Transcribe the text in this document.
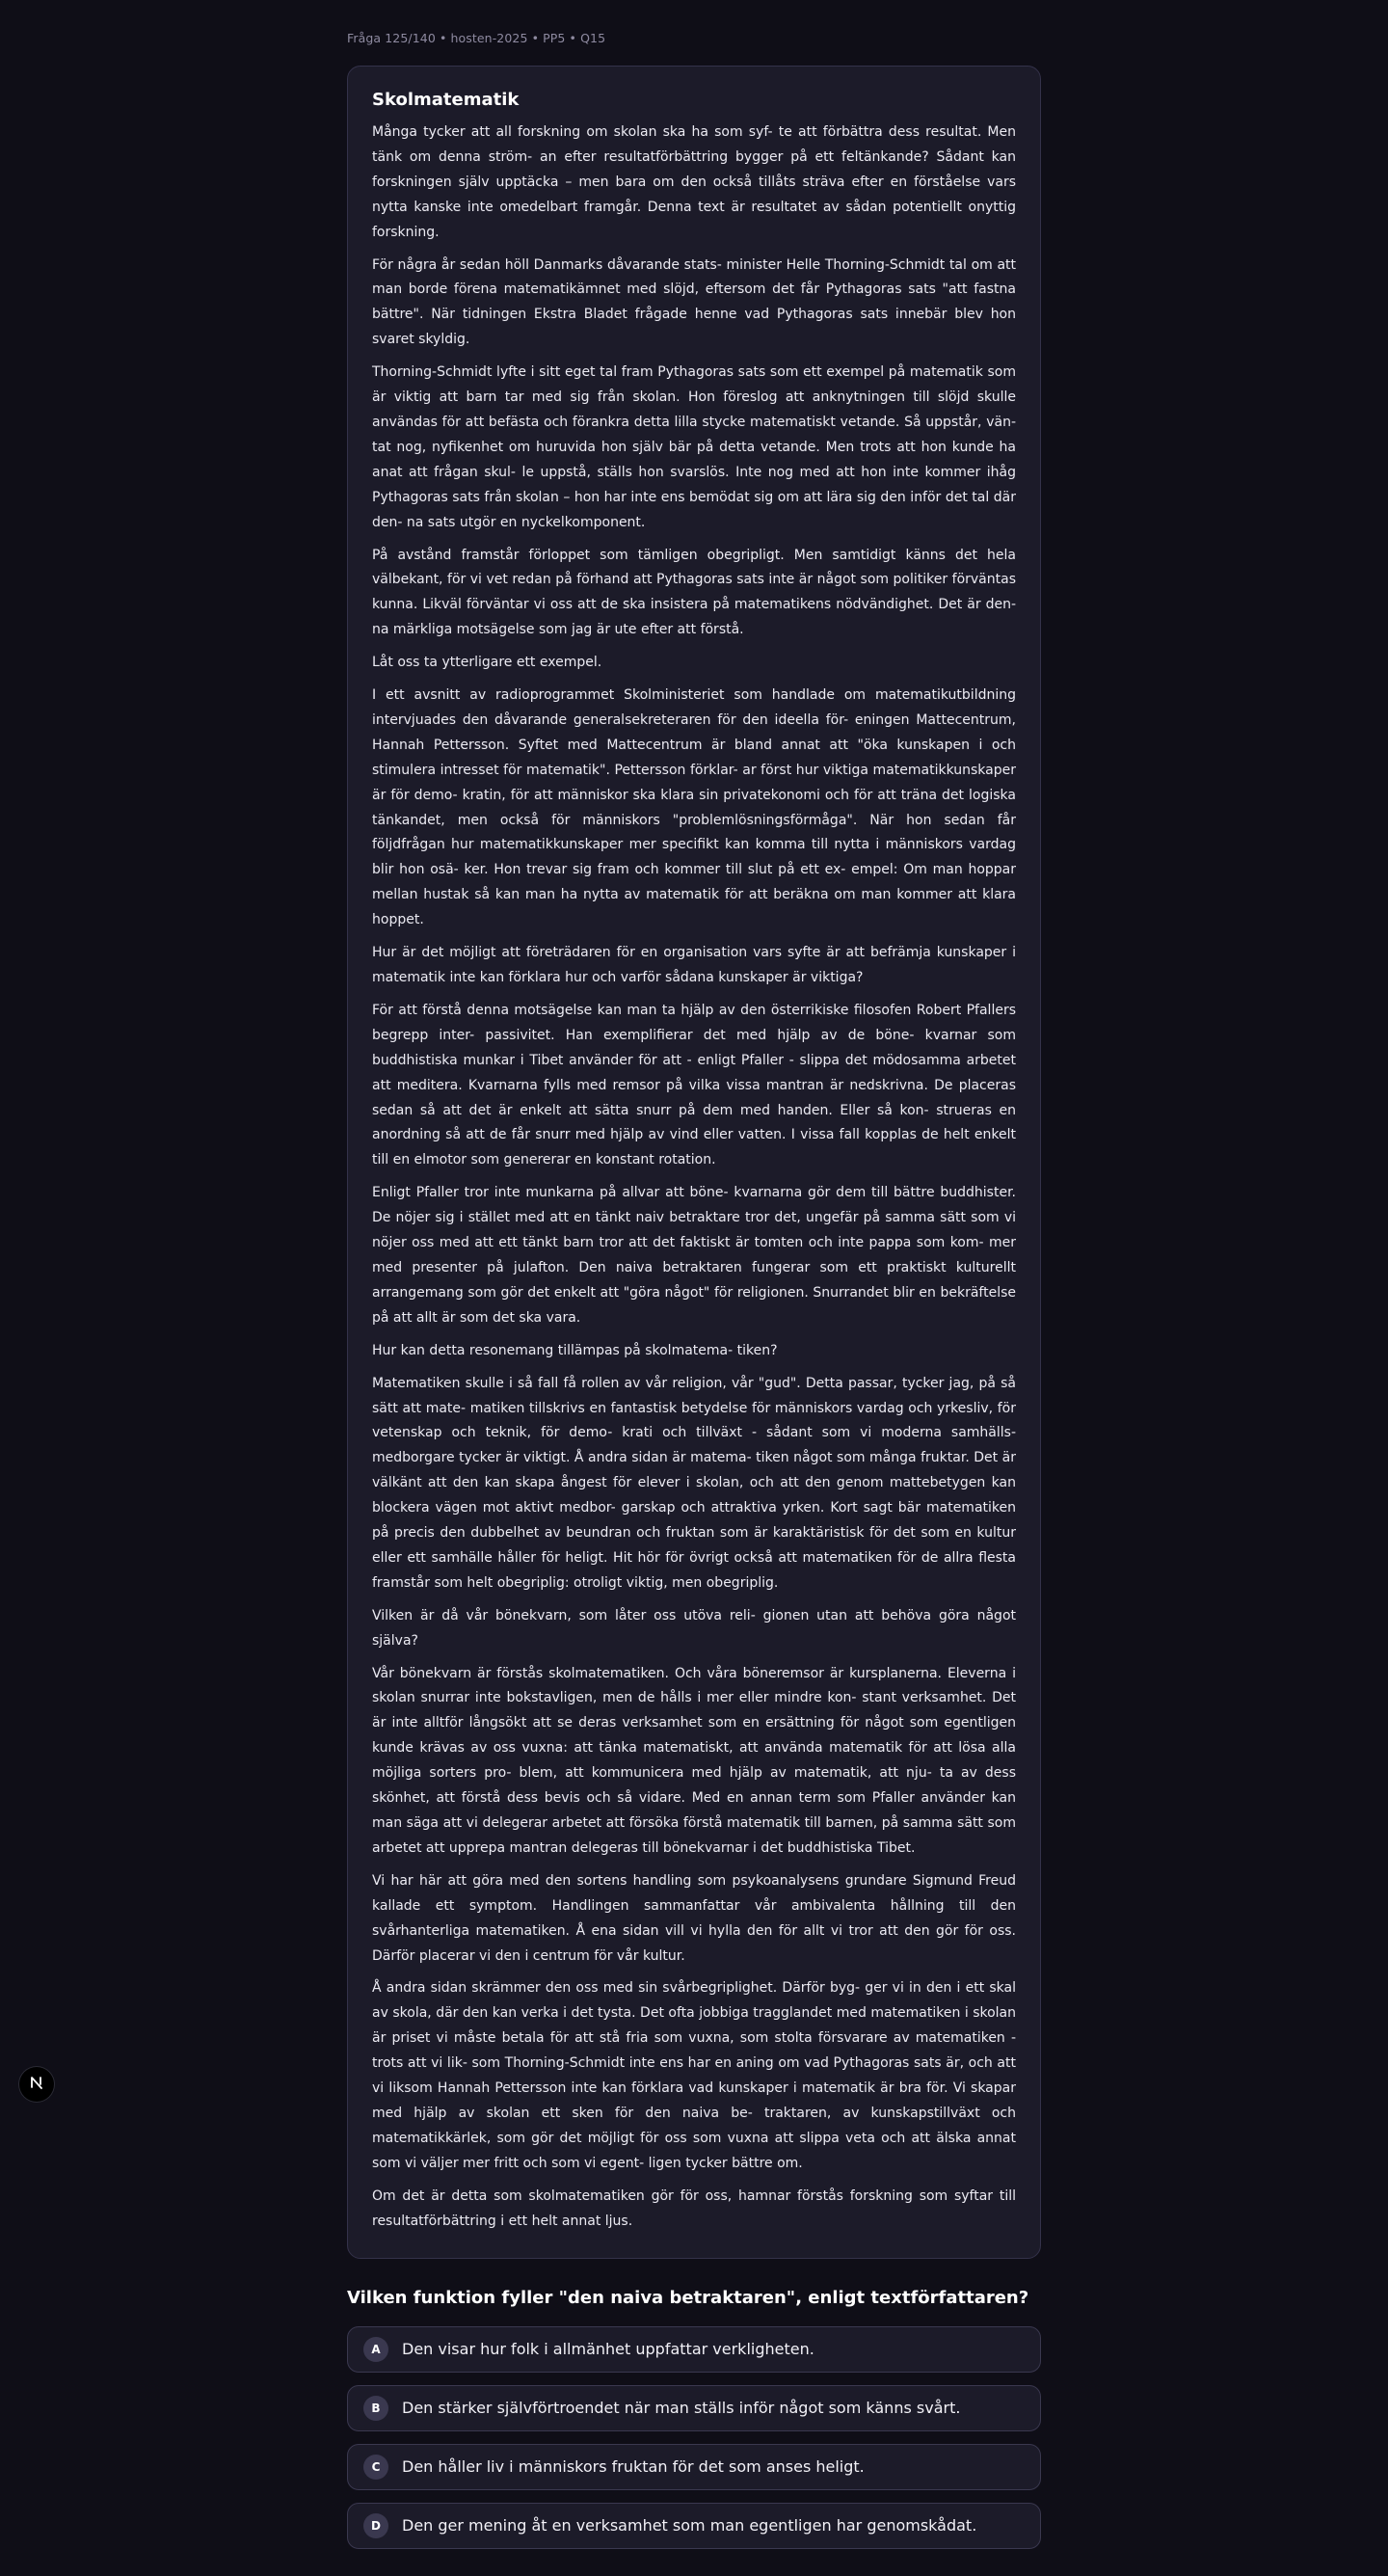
Fråga 125/140 • hosten-2025 • PP5 • Q15
Skolmatematik

Många tycker att all forskning om skolan ska ha som syf- te att förbättra dess resultat. Men tänk om denna ström- an efter resultatförbättring bygger på ett feltänkande? Sådant kan forskningen själv upptäcka – men bara om den också tillåts sträva efter en förståelse vars nytta kanske inte omedelbart framgår. Denna text är resultatet av sådan potentiellt onyttig forskning.

För några år sedan höll Danmarks dåvarande stats- minister Helle Thorning-Schmidt tal om att man borde förena matematikämnet med slöjd, eftersom det får Pythagoras sats "att fastna bättre". När tidningen Ekstra Bladet frågade henne vad Pythagoras sats innebär blev hon svaret skyldig.

Thorning-Schmidt lyfte i sitt eget tal fram Pythagoras sats som ett exempel på matematik som är viktig att barn tar med sig från skolan. Hon föreslog att anknytningen till slöjd skulle användas för att befästa och förankra detta lilla stycke matematiskt vetande. Så uppstår, vän- tat nog, nyfikenhet om huruvida hon själv bär på detta vetande. Men trots att hon kunde ha anat att frågan skul- le uppstå, ställs hon svarslös. Inte nog med att hon inte kommer ihåg Pythagoras sats från skolan – hon har inte ens bemödat sig om att lära sig den inför det tal där den- na sats utgör en nyckelkomponent.

På avstånd framstår förloppet som tämligen obegripligt. Men samtidigt känns det hela välbekant, för vi vet redan på förhand att Pythagoras sats inte är något som politiker förväntas kunna. Likväl förväntar vi oss att de ska insistera på matematikens nödvändighet. Det är den- na märkliga motsägelse som jag är ute efter att förstå.

Låt oss ta ytterligare ett exempel.

I ett avsnitt av radioprogrammet Skolministeriet som handlade om matematikutbildning intervjuades den dåvarande generalsekreteraren för den ideella för- eningen Mattecentrum, Hannah Pettersson. Syftet med Mattecentrum är bland annat att "öka kunskapen i och stimulera intresset för matematik". Pettersson förklar- ar först hur viktiga matematikkunskaper är för demo- kratin, för att människor ska klara sin privatekonomi och för att träna det logiska tänkandet, men också för människors "problemlösningsförmåga". När hon sedan får följdfrågan hur matematikkunskaper mer specifikt kan komma till nytta i människors vardag blir hon osä- ker. Hon trevar sig fram och kommer till slut på ett ex- empel: Om man hoppar mellan hustak så kan man ha nytta av matematik för att beräkna om man kommer att klara hoppet.

Hur är det möjligt att företrädaren för en organisation vars syfte är att befrämja kunskaper i matematik inte kan förklara hur och varför sådana kunskaper är viktiga?

För att förstå denna motsägelse kan man ta hjälp av den österrikiske filosofen Robert Pfallers begrepp inter- passivitet. Han exemplifierar det med hjälp av de böne- kvarnar som buddhistiska munkar i Tibet använder för att - enligt Pfaller - slippa det mödosamma arbetet att meditera. Kvarnarna fylls med remsor på vilka vissa mantran är nedskrivna. De placeras sedan så att det är enkelt att sätta snurr på dem med handen. Eller så kon- strueras en anordning så att de får snurr med hjälp av vind eller vatten. I vissa fall kopplas de helt enkelt till en elmotor som genererar en konstant rotation.

Enligt Pfaller tror inte munkarna på allvar att böne- kvarnarna gör dem till bättre buddhister. De nöjer sig i stället med att en tänkt naiv betraktare tror det, ungefär på samma sätt som vi nöjer oss med att ett tänkt barn tror att det faktiskt är tomten och inte pappa som kom- mer med presenter på julafton. Den naiva betraktaren fungerar som ett praktiskt kulturellt arrangemang som gör det enkelt att "göra något" för religionen. Snurrandet blir en bekräftelse på att allt är som det ska vara.

Hur kan detta resonemang tillämpas på skolmatema- tiken?

Matematiken skulle i så fall få rollen av vår religion, vår "gud". Detta passar, tycker jag, på så sätt att mate- matiken tillskrivs en fantastisk betydelse för människors vardag och yrkesliv, för vetenskap och teknik, för demo- krati och tillväxt - sådant som vi moderna samhälls- medborgare tycker är viktigt. Å andra sidan är matema- tiken något som många fruktar. Det är välkänt att den kan skapa ångest för elever i skolan, och att den genom mattebetygen kan blockera vägen mot aktivt medbor- garskap och attraktiva yrken. Kort sagt bär matematiken på precis den dubbelhet av beundran och fruktan som är karaktäristisk för det som en kultur eller ett samhälle håller för heligt. Hit hör för övrigt också att matematiken för de allra flesta framstår som helt obegriplig: otroligt viktig, men obegriplig.

Vilken är då vår bönekvarn, som låter oss utöva reli- gionen utan att behöva göra något själva?

Vår bönekvarn är förstås skolmatematiken. Och våra böneremsor är kursplanerna. Eleverna i skolan snurrar inte bokstavligen, men de hålls i mer eller mindre kon- stant verksamhet. Det är inte alltför långsökt att se deras verksamhet som en ersättning för något som egentligen kunde krävas av oss vuxna: att tänka matematiskt, att använda matematik för att lösa alla möjliga sorters pro- blem, att kommunicera med hjälp av matematik, att nju- ta av dess skönhet, att förstå dess bevis och så vidare. Med en annan term som Pfaller använder kan man säga att vi delegerar arbetet att försöka förstå matematik till barnen, på samma sätt som arbetet att upprepa mantran delegeras till bönekvarnar i det buddhistiska Tibet.

Vi har här att göra med den sortens handling som psykoanalysens grundare Sigmund Freud kallade ett symptom. Handlingen sammanfattar vår ambivalenta hållning till den svårhanterliga matematiken. Å ena sidan vill vi hylla den för allt vi tror att den gör för oss. Därför placerar vi den i centrum för vår kultur.

Å andra sidan skrämmer den oss med sin svårbegriplighet. Därför byg- ger vi in den i ett skal av skola, där den kan verka i det tysta. Det ofta jobbiga tragglandet med matematiken i skolan är priset vi måste betala för att stå fria som vuxna, som stolta försvarare av matematiken - trots att vi lik- som Thorning-Schmidt inte ens har en aning om vad Pythagoras sats är, och att vi liksom Hannah Pettersson inte kan förklara vad kunskaper i matematik är bra för. Vi skapar med hjälp av skolan ett sken för den naiva be- traktaren, av kunskapstillväxt och matematikkärlek, som gör det möjligt för oss som vuxna att slippa veta och att älska annat som vi väljer mer fritt och som vi egent- ligen tycker bättre om.

Om det är detta som skolmatematiken gör för oss, hamnar förstås forskning som syftar till resultatförbättring i ett helt annat ljus.

Vilken funktion fyller "den naiva betraktaren", enligt textförfattaren?
A	Den visar hur folk i allmänhet uppfattar verkligheten.
B	Den stärker självförtroendet när man ställs inför något som känns svårt.
C	Den håller liv i människors fruktan för det som anses heligt.
D	Den ger mening åt en verksamhet som man egentligen har genomskådat.
